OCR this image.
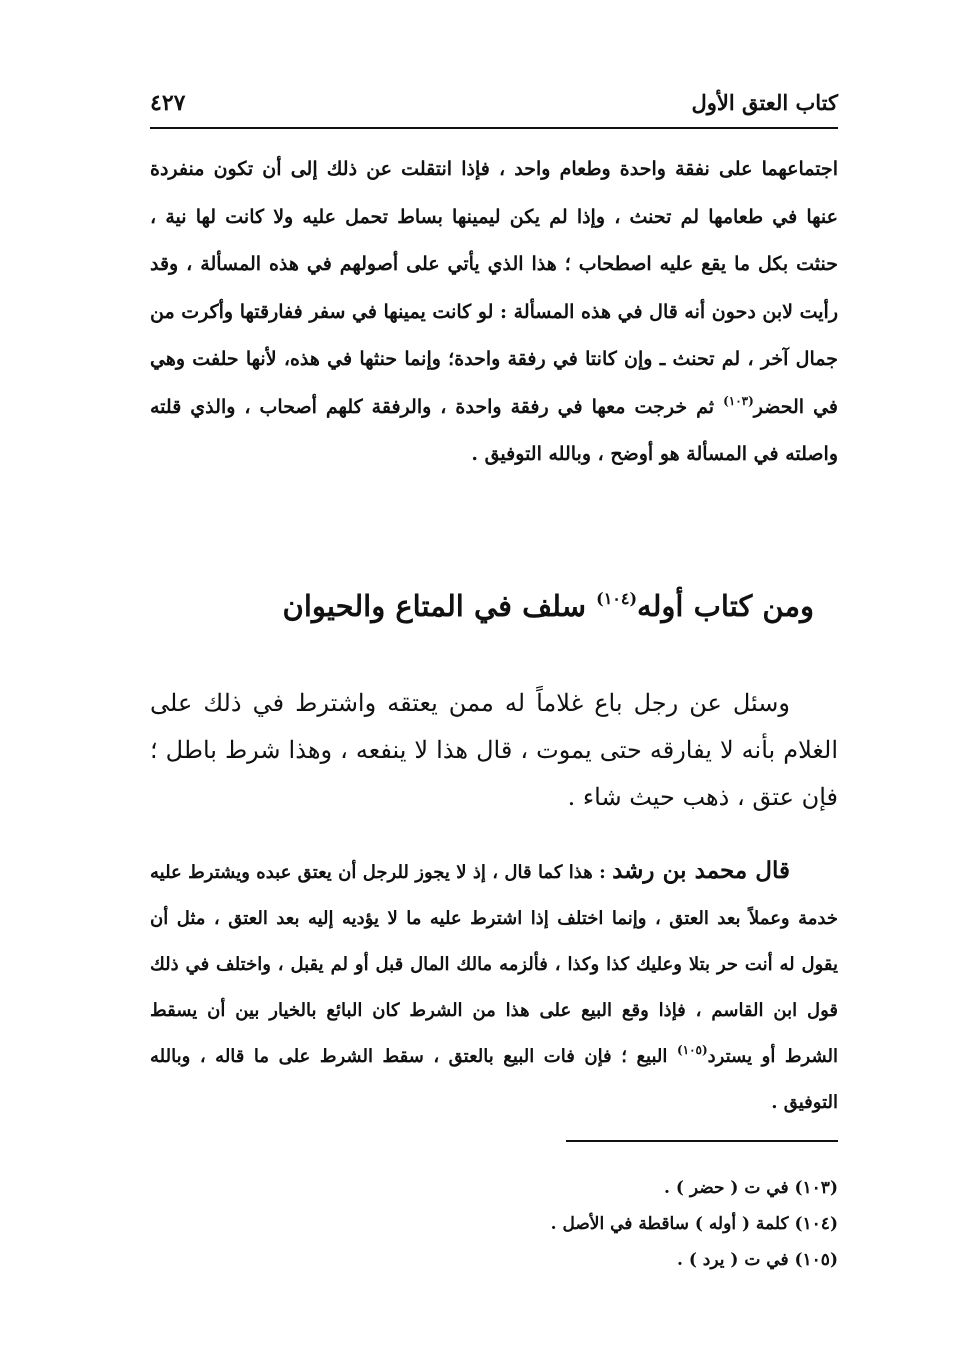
كتاب العتق الأول
٤٢٧
اجتماعهما على نفقة واحدة وطعام واحد ، فإذا انتقلت عن ذلك إلى أن تكون منفردة عنها في طعامها لم تحنث ، وإذا لم يكن ليمينها بساط تحمل عليه ولا كانت لها نية ، حنثت بكل ما يقع عليه اصطحاب ؛ هذا الذي يأتي على أصولهم في هذه المسألة ، وقد رأيت لابن دحون أنه قال في هذه المسألة : لو كانت يمينها في سفر ففارقتها وأكرت من جمال آخر ، لم تحنث ـ وإن كانتا في رفقة واحدة؛ وإنما حنثها في هذه، لأنها حلفت وهي في الحضر$^{(١٠٣)}$ ثم خرجت معها في رفقة واحدة ، والرفقة كلهم أصحاب ، والذي قلته واصلته في المسألة هو أوضح ، وبالله التوفيق .
ومن كتاب أوله$^{(١٠٤)}$ سلف في المتاع والحيوان
وسئل عن رجل باع غلاماً له ممن يعتقه واشترط في ذلك على الغلام بأنه لا يفارقه حتى يموت ، قال هذا لا ينفعه ، وهذا شرط باطل ؛ فإن عتق ، ذهب حيث شاء .
قال محمد بن رشد : هذا كما قال ، إذ لا يجوز للرجل أن يعتق عبده ويشترط عليه خدمة وعملاً بعد العتق ، وإنما اختلف إذا اشترط عليه ما لا يؤديه إليه بعد العتق ، مثل أن يقول له أنت حر بتلا وعليك كذا وكذا ، فألزمه مالك المال قبل أو لم يقبل ، واختلف في ذلك قول ابن القاسم ، فإذا وقع البيع على هذا من الشرط كان البائع بالخيار بين أن يسقط الشرط أو يسترد$^{(١٠٥)}$ البيع ؛ فإن فات البيع بالعتق ، سقط الشرط على ما قاله ، وبالله التوفيق .
(١٠٣) في ت ( حضر ) .
(١٠٤) كلمة ( أوله ) ساقطة في الأصل .
(١٠٥) في ت ( يرد ) .
